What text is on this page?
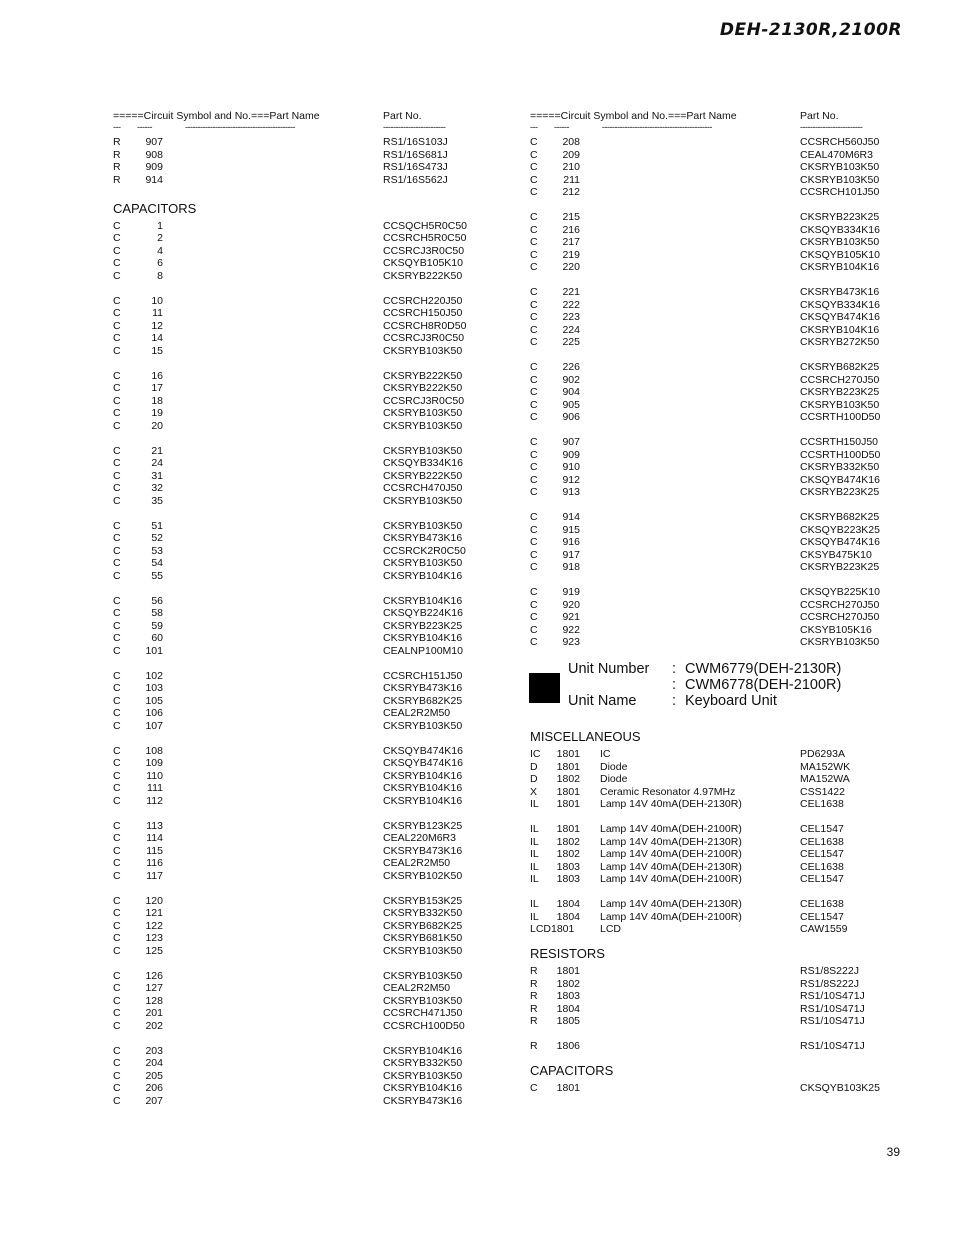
DEH-2130R,2100R
=====Circuit Symbol and No.===Part Name	Part No.
--- ------	--------------------------------------------	-------------------------
R	907	RS1/16S103J
R	908	RS1/16S681J
R	909	RS1/16S473J
R	914	RS1/16S562J
CAPACITORS
C	1	CCSQCH5R0C50
C	2	CCSRCH5R0C50
C	4	CCSRCJ3R0C50
C	6	CKSQYB105K10
C	8	CKSRYB222K50
C	10	CCSRCH220J50
C	11	CCSRCH150J50
C	12	CCSRCH8R0D50
C	14	CCSRCJ3R0C50
C	15	CKSRYB103K50
C	16	CKSRYB222K50
C	17	CKSRYB222K50
C	18	CCSRCJ3R0C50
C	19	CKSRYB103K50
C	20	CKSRYB103K50
C	21	CKSRYB103K50
C	24	CKSQYB334K16
C	31	CKSRYB222K50
C	32	CCSRCH470J50
C	35	CKSRYB103K50
C	51	CKSRYB103K50
C	52	CKSRYB473K16
C	53	CCSRCK2R0C50
C	54	CKSRYB103K50
C	55	CKSRYB104K16
C	56	CKSRYB104K16
C	58	CKSQYB224K16
C	59	CKSRYB223K25
C	60	CKSRYB104K16
C	101	CEALNP100M10
C	102	CCSRCH151J50
C	103	CKSRYB473K16
C	105	CKSRYB682K25
C	106	CEAL2R2M50
C	107	CKSRYB103K50
C	108	CKSQYB474K16
C	109	CKSQYB474K16
C	110	CKSRYB104K16
C	111	CKSRYB104K16
C	112	CKSRYB104K16
C	113	CKSRYB123K25
C	114	CEAL220M6R3
C	115	CKSRYB473K16
C	116	CEAL2R2M50
C	117	CKSRYB102K50
C	120	CKSRYB153K25
C	121	CKSRYB332K50
C	122	CKSRYB682K25
C	123	CKSRYB681K50
C	125	CKSRYB103K50
C	126	CKSRYB103K50
C	127	CEAL2R2M50
C	128	CKSRYB103K50
C	201	CCSRCH471J50
C	202	CCSRCH100D50
C	203	CKSRYB104K16
C	204	CKSRYB332K50
C	205	CKSRYB103K50
C	206	CKSRYB104K16
C	207	CKSRYB473K16
=====Circuit Symbol and No.===Part Name	Part No.
--- ------	--------------------------------------------	-------------------------
C	208	CCSRCH560J50
C	209	CEAL470M6R3
C	210	CKSRYB103K50
C	211	CKSRYB103K50
C	212	CCSRCH101J50
C	215	CKSRYB223K25
C	216	CKSQYB334K16
C	217	CKSRYB103K50
C	219	CKSQYB105K10
C	220	CKSRYB104K16
C	221	CKSRYB473K16
C	222	CKSQYB334K16
C	223	CKSQYB474K16
C	224	CKSRYB104K16
C	225	CKSRYB272K50
C	226	CKSRYB682K25
C	902	CCSRCH270J50
C	904	CKSRYB223K25
C	905	CKSRYB103K50
C	906	CCSRTH100D50
C	907	CCSRTH150J50
C	909	CCSRTH100D50
C	910	CKSRYB332K50
C	912	CKSQYB474K16
C	913	CKSRYB223K25
C	914	CKSRYB682K25
C	915	CKSQYB223K25
C	916	CKSQYB474K16
C	917	CKSYB475K10
C	918	CKSRYB223K25
C	919	CKSQYB225K10
C	920	CCSRCH270J50
C	921	CCSRCH270J50
C	922	CKSYB105K16
C	923	CKSRYB103K50
Unit Number : CWM6779(DEH-2130R)
: CWM6778(DEH-2100R)
Unit Name : Keyboard Unit
MISCELLANEOUS
IC	1801 IC	PD6293A
D	1801 Diode	MA152WK
D	1802 Diode	MA152WA
X	1801 Ceramic Resonator 4.97MHz	CSS1422
IL	1801 Lamp 14V 40mA(DEH-2130R)	CEL1638
IL	1801 Lamp 14V 40mA(DEH-2100R)	CEL1547
IL	1802 Lamp 14V 40mA(DEH-2130R)	CEL1638
IL	1802 Lamp 14V 40mA(DEH-2100R)	CEL1547
IL	1803 Lamp 14V 40mA(DEH-2130R)	CEL1638
IL	1803 Lamp 14V 40mA(DEH-2100R)	CEL1547
IL	1804 Lamp 14V 40mA(DEH-2130R)	CEL1638
IL	1804 Lamp 14V 40mA(DEH-2100R)	CEL1547
LCD1801 LCD	CAW1559
RESISTORS
R	1801	RS1/8S222J
R	1802	RS1/8S222J
R	1803	RS1/10S471J
R	1804	RS1/10S471J
R	1805	RS1/10S471J
R	1806	RS1/10S471J
CAPACITORS
C	1801	CKSQYB103K25
39
